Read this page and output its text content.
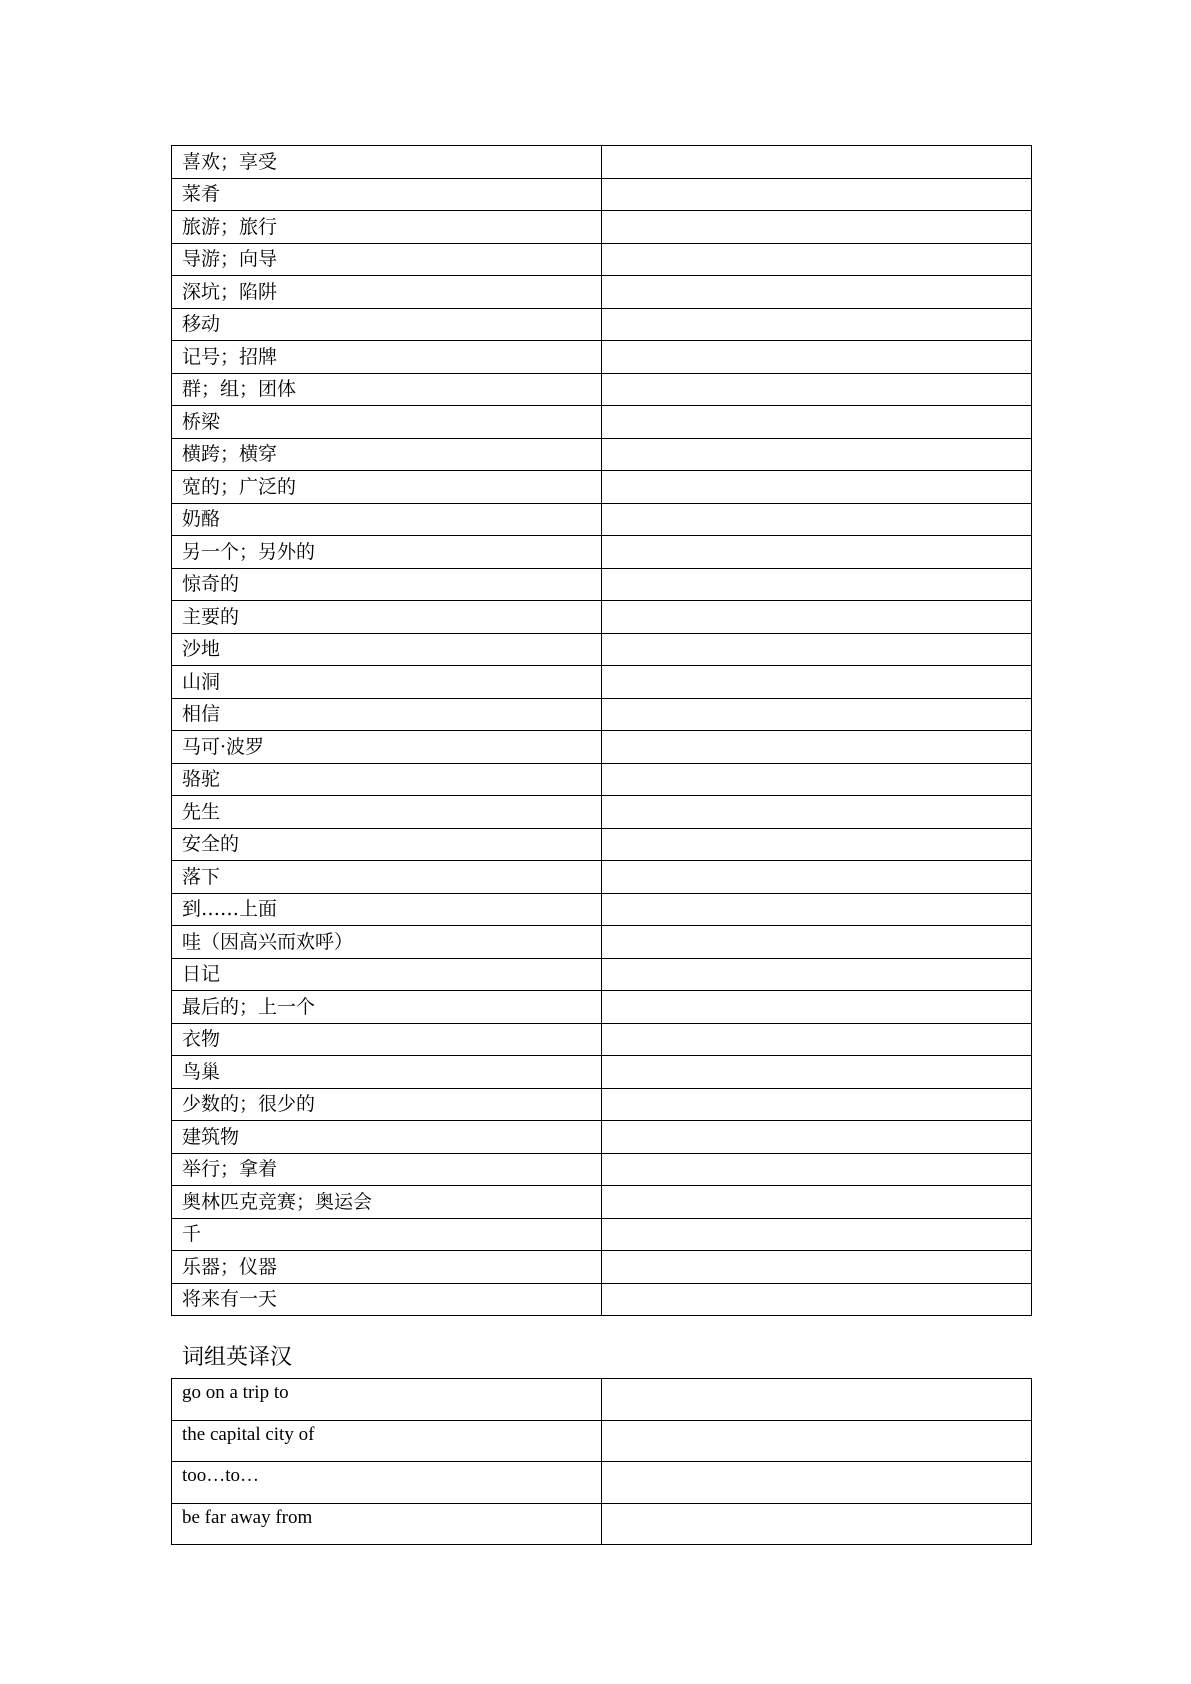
喜欢；享受	
菜肴	
旅游；旅行	
导游；向导	
深坑；陷阱	
移动	
记号；招牌	
群；组；团体	
桥梁	
横跨；横穿	
宽的；广泛的	
奶酪	
另一个；另外的	
惊奇的	
主要的	
沙地	
山洞	
相信	
马可·波罗	
骆驼	
先生	
安全的	
落下	
到……上面	
哇（因高兴而欢呼）	
日记	
最后的；上一个	
衣物	
鸟巢	
少数的；很少的	
建筑物	
举行；拿着	
奥林匹克竞赛；奥运会	
千	
乐器；仪器	
将来有一天	
词组英译汉
go on a trip to	
the capital city of	
too…to…	
be far away from	
